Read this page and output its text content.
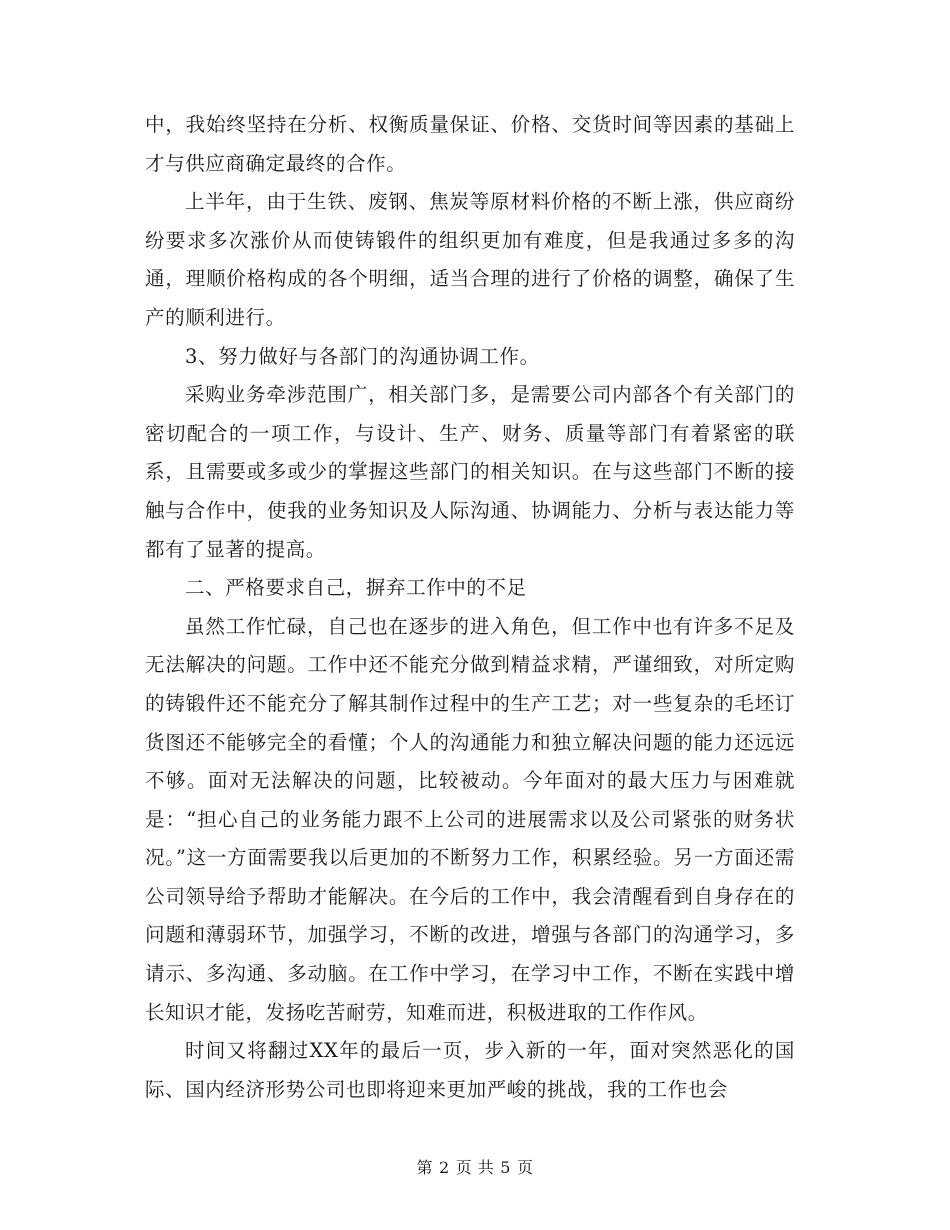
中，我始终坚持在分析、权衡质量保证、价格、交货时间等因素的基础上才与供应商确定最终的合作。

上半年，由于生铁、废钢、焦炭等原材料价格的不断上涨，供应商纷纷要求多次涨价从而使铸锻件的组织更加有难度，但是我通过多多的沟通，理顺价格构成的各个明细，适当合理的进行了价格的调整，确保了生产的顺利进行。

3、努力做好与各部门的沟通协调工作。

采购业务牵涉范围广，相关部门多，是需要公司内部各个有关部门的密切配合的一项工作，与设计、生产、财务、质量等部门有着紧密的联系，且需要或多或少的掌握这些部门的相关知识。在与这些部门不断的接触与合作中，使我的业务知识及人际沟通、协调能力、分析与表达能力等都有了显著的提高。

二、严格要求自己，摒弃工作中的不足

虽然工作忙碌，自己也在逐步的进入角色，但工作中也有许多不足及无法解决的问题。工作中还不能充分做到精益求精，严谨细致，对所定购的铸锻件还不能充分了解其制作过程中的生产工艺；对一些复杂的毛坯订货图还不能够完全的看懂；个人的沟通能力和独立解决问题的能力还远远不够。面对无法解决的问题，比较被动。今年面对的最大压力与困难就是：“担心自己的业务能力跟不上公司的进展需求以及公司紧张的财务状况。”这一方面需要我以后更加的不断努力工作，积累经验。另一方面还需公司领导给予帮助才能解决。在今后的工作中，我会清醒看到自身存在的问题和薄弱环节，加强学习，不断的改进，增强与各部门的沟通学习，多请示、多沟通、多动脑。在工作中学习，在学习中工作，不断在实践中增长知识才能，发扬吃苦耐劳，知难而进，积极进取的工作作风。

时间又将翻过XX年的最后一页，步入新的一年，面对突然恶化的国际、国内经济形势公司也即将迎来更加严峻的挑战，我的工作也会

第 2 页 共 5 页
